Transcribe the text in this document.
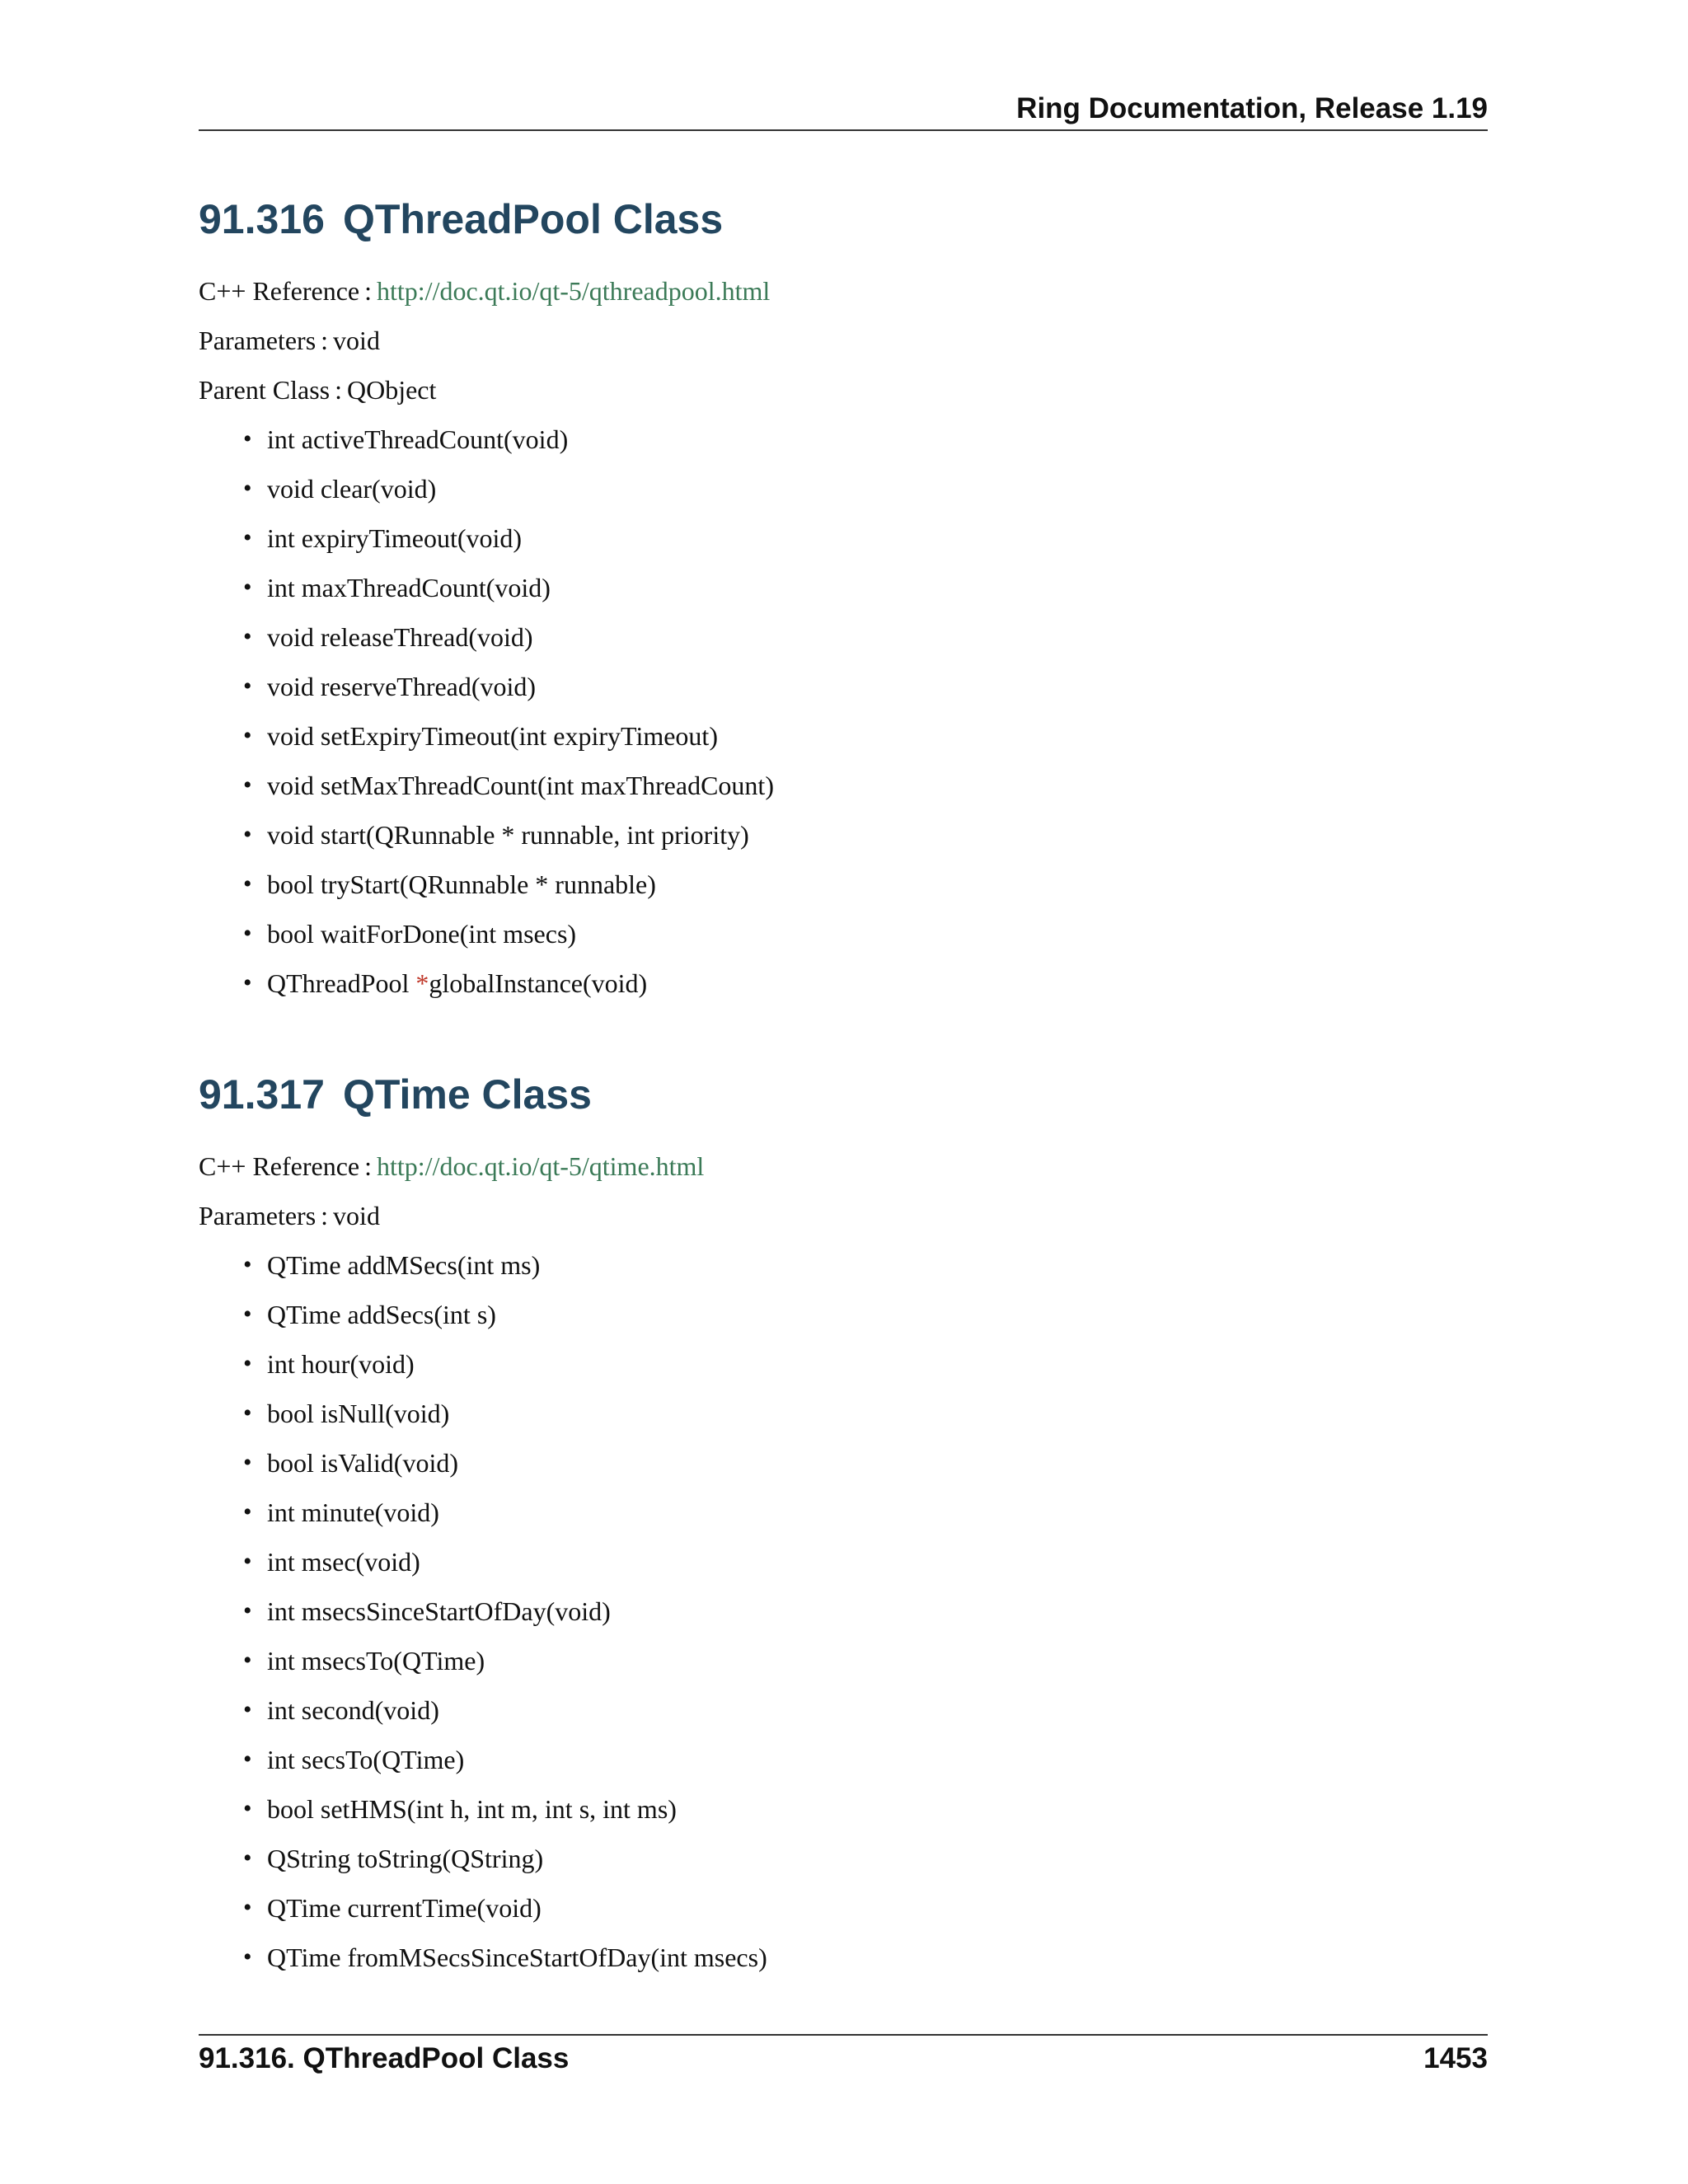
Ring Documentation, Release 1.19
91.316 QThreadPool Class
C++ Reference : http://doc.qt.io/qt-5/qthreadpool.html
Parameters : void
Parent Class : QObject
• int activeThreadCount(void)
• void clear(void)
• int expiryTimeout(void)
• int maxThreadCount(void)
• void releaseThread(void)
• void reserveThread(void)
• void setExpiryTimeout(int expiryTimeout)
• void setMaxThreadCount(int maxThreadCount)
• void start(QRunnable * runnable, int priority)
• bool tryStart(QRunnable * runnable)
• bool waitForDone(int msecs)
• QThreadPool *globalInstance(void)
91.317 QTime Class
C++ Reference : http://doc.qt.io/qt-5/qtime.html
Parameters : void
• QTime addMSecs(int ms)
• QTime addSecs(int s)
• int hour(void)
• bool isNull(void)
• bool isValid(void)
• int minute(void)
• int msec(void)
• int msecsSinceStartOfDay(void)
• int msecsTo(QTime)
• int second(void)
• int secsTo(QTime)
• bool setHMS(int h, int m, int s, int ms)
• QString toString(QString)
• QTime currentTime(void)
• QTime fromMSecsSinceStartOfDay(int msecs)
91.316. QThreadPool Class	1453
